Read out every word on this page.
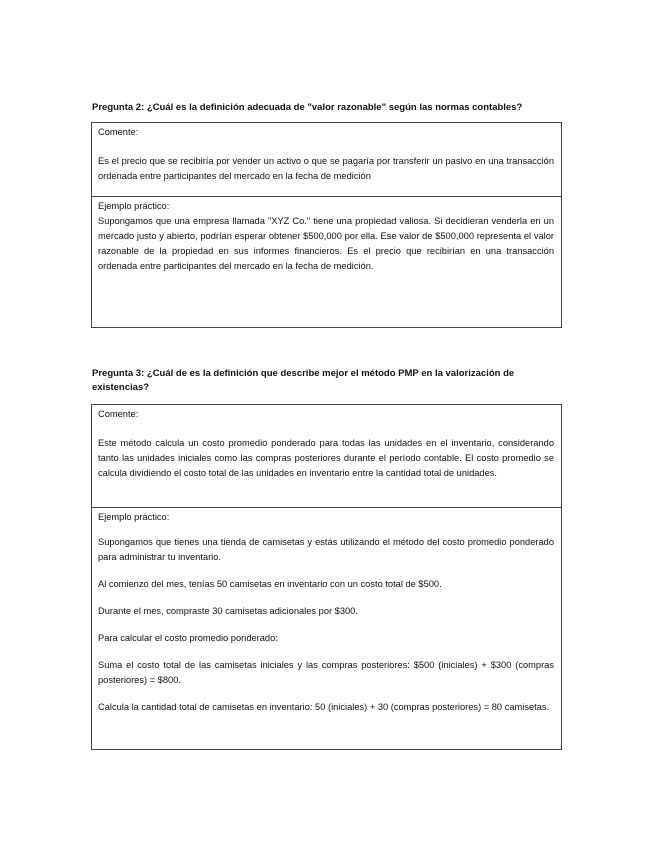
Pregunta 2: ¿Cuál es la definición adecuada de "valor razonable" según las normas contables?
Comente:

Es el precio que se recibiría por vender un activo o que se pagaría por transferir un pasivo en una transacción ordenada entre participantes del mercado en la fecha de medición

Ejemplo práctico:

Supongamos que una empresa llamada "XYZ Co." tiene una propiedad valiosa. Si decidieran venderla en un mercado justo y abierto, podrían esperar obtener $500,000 por ella. Ese valor de $500,000 representa el valor razonable de la propiedad en sus informes financieros. Es el precio que recibirían en una transacción ordenada entre participantes del mercado en la fecha de medición.

Pregunta 3: ¿Cuál de es la definición que describe mejor el método PMP en la valorización de existencias?
Comente:

Este método calcula un costo promedio ponderado para todas las unidades en el inventario, considerando tanto las unidades iniciales como las compras posteriores durante el período contable. El costo promedio se calcula dividiendo el costo total de las unidades en inventario entre la cantidad total de unidades.

Ejemplo práctico:

Supongamos que tienes una tienda de camisetas y estás utilizando el método del costo promedio ponderado para administrar tu inventario.

Al comienzo del mes, tenías 50 camisetas en inventario con un costo total de $500.

Durante el mes, compraste 30 camisetas adicionales por $300.

Para calcular el costo promedio ponderado:

Suma el costo total de las camisetas iniciales y las compras posteriores: $500 (iniciales) + $300 (compras posteriores) = $800.

Calcula la cantidad total de camisetas en inventario: 50 (iniciales) + 30 (compras posteriores) = 80 camisetas.
